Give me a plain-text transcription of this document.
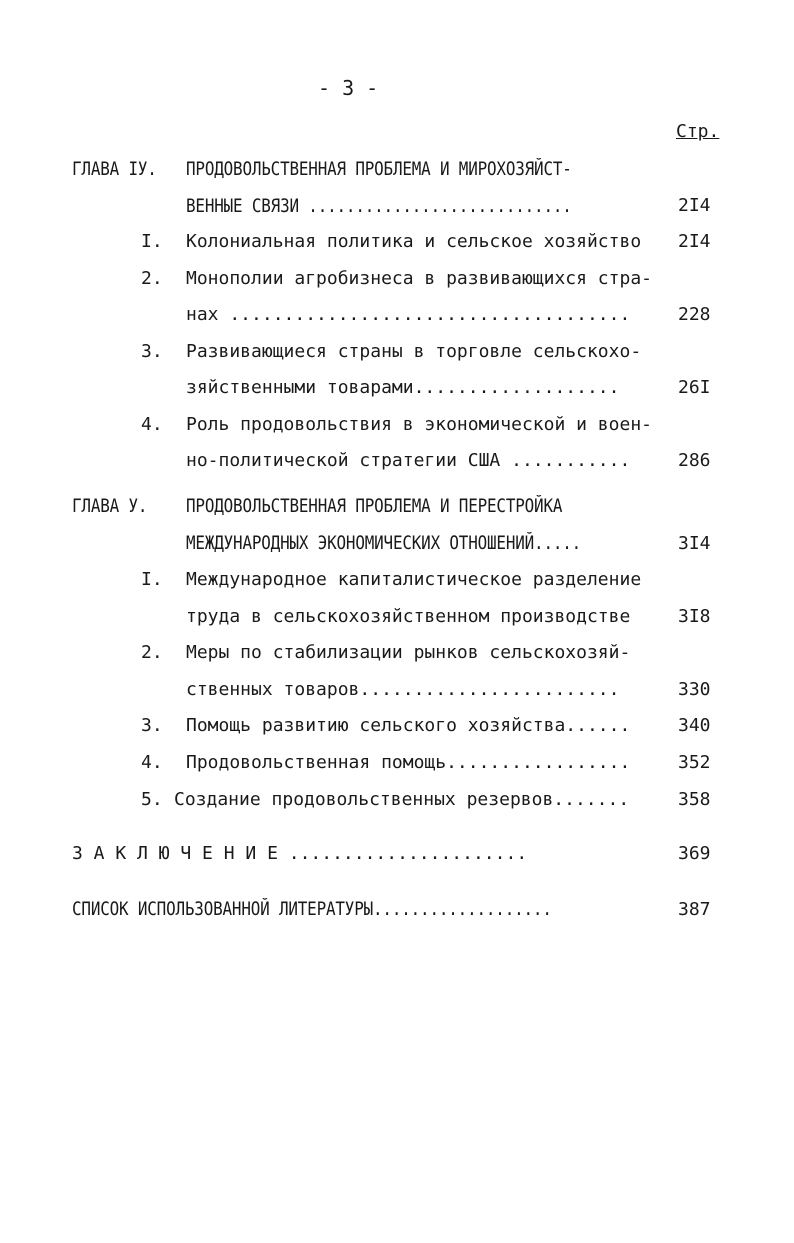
- 3 -
Стр.
ГЛАВА IУ. ПРОДОВОЛЬСТВЕННАЯ ПРОБЛЕМА И МИРОХОЗЯЙСТ-
ВЕННЫЕ СВЯЗИ ............................	2I4
I. Колониальная политика и сельское хозяйство 2I4
2. Монополии агробизнеса в развивающихся стра-
нах .....................................	228
3. Развивающиеся страны в торговле сельскохо-
зяйственными товарами...................	26I
4. Роль продовольствия в экономической и воен-
но-политической стратегии США ...........	286
ГЛАВА У. ПРОДОВОЛЬСТВЕННАЯ ПРОБЛЕМА И ПЕРЕСТРОЙКА
МЕЖДУНАРОДНЫХ ЭКОНОМИЧЕСКИХ ОТНОШЕНИЙ.....	3I4
I. Международное капиталистическое разделение
труда в сельскохозяйственном производстве	3I8
2. Меры по стабилизации рынков сельскохозяй-
ственных товаров........................	330
3. Помощь развитию сельского хозяйства......	340
4. Продовольственная помощь.................	352
5. Создание продовольственных резервов.......	358
З А К Л Ю Ч Е Н И Е ......................	369
СПИСОК ИСПОЛЬЗОВАННОЙ ЛИТЕРАТУРЫ...................	387
